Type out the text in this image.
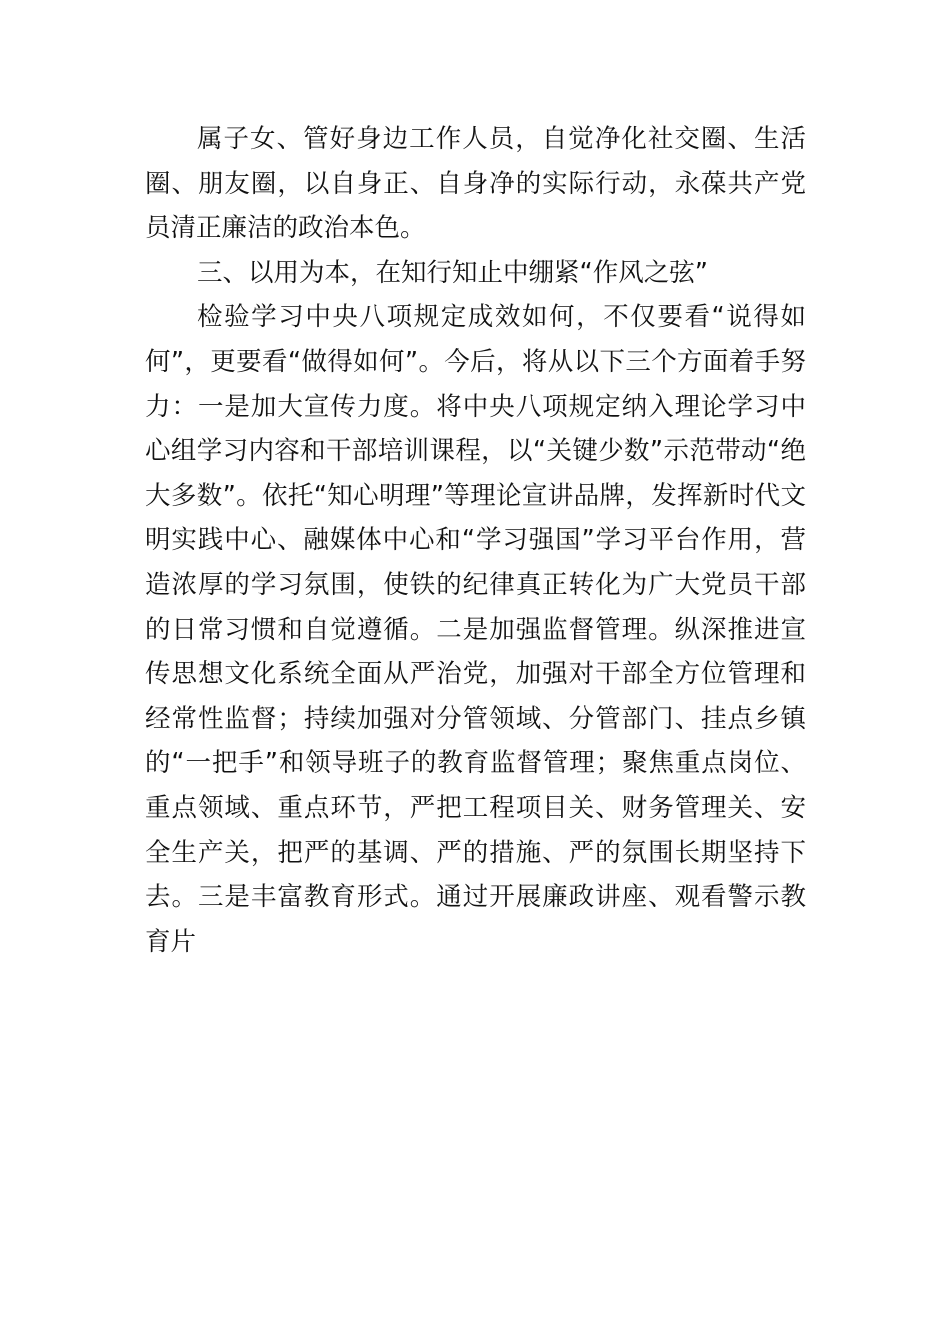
属子女、管好身边工作人员，自觉净化社交圈、生活
圈、朋友圈，以自身正、自身净的实际行动，永葆共产党
员清正廉洁的政治本色。
三、以用为本，在知行知止中绷紧“作风之弦”
检验学习中央八项规定成效如何，不仅要看“说得如
何”，更要看“做得如何”。今后，将从以下三个方面着手努
力：一是加大宣传力度。将中央八项规定纳入理论学习中
心组学习内容和干部培训课程，以“关键少数”示范带动“绝
大多数”。依托“知心明理”等理论宣讲品牌，发挥新时代文
明实践中心、融媒体中心和“学习强国”学习平台作用，营
造浓厚的学习氛围，使铁的纪律真正转化为广大党员干部
的日常习惯和自觉遵循。二是加强监督管理。纵深推进宣
传思想文化系统全面从严治党，加强对干部全方位管理和
经常性监督；持续加强对分管领域、分管部门、挂点乡镇
的“一把手”和领导班子的教育监督管理；聚焦重点岗位、
重点领域、重点环节，严把工程项目关、财务管理关、安
全生产关，把严的基调、严的措施、严的氛围长期坚持下
去。三是丰富教育形式。通过开展廉政讲座、观看警示教
育片
